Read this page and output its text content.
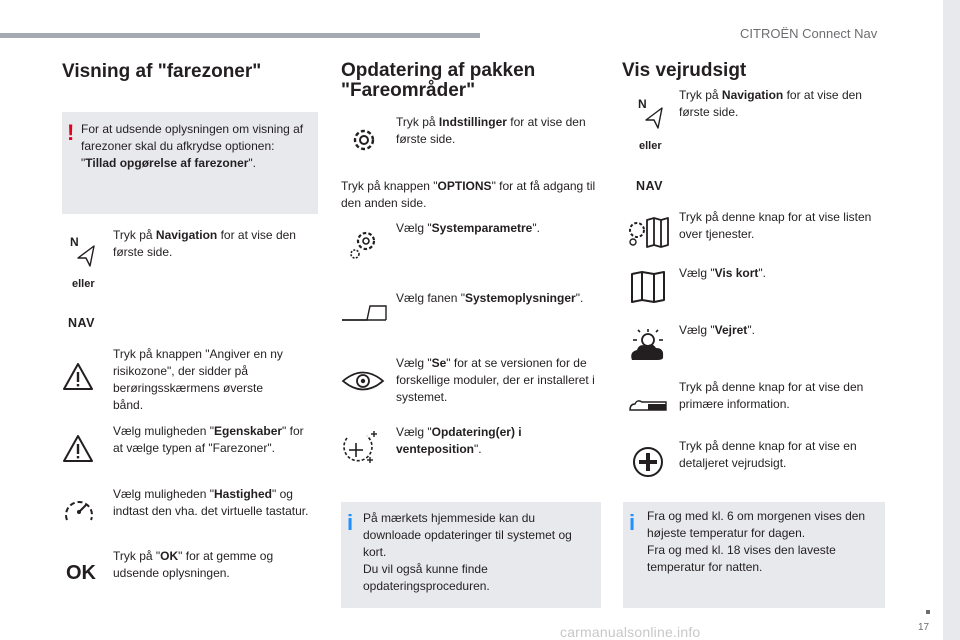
CITROËN Connect Nav
17
carmanualsonline.info
Visning af "farezoner"
! For at udsende oplysningen om visning af farezoner skal du afkrydse optionen: "Tillad opgørelse af farezoner".
N	Tryk på Navigation for at vise den første side.
eller
NAV
Tryk på knappen "Angiver en ny risikozone", der sidder på berøringsskærmens øverste bånd.
Vælg muligheden "Egenskaber" for at vælge typen af "Farezoner".
Vælg muligheden "Hastighed" og indtast den vha. det virtuelle tastatur.
OK
Tryk på "OK" for at gemme og udsende oplysningen.
Opdatering af pakken
"Fareområder"
Tryk på Indstillinger for at vise den første side.
Tryk på knappen "OPTIONS" for at få adgang til den anden side.
Vælg "Systemparametre".
Vælg fanen "Systemoplysninger".
Vælg "Se" for at se versionen for de forskellige moduler, der er installeret i systemet.
Vælg "Opdatering(er) i venteposition".
i På mærkets hjemmeside kan du downloade opdateringer til systemet og kort.
Du vil også kunne finde opdateringsproceduren.
Vis vejrudsigt
N
Tryk på Navigation for at vise den første side.
eller
NAV
Tryk på denne knap for at vise listen over tjenester.
Vælg "Vis kort".
Vælg "Vejret".
Tryk på denne knap for at vise den primære information.
Tryk på denne knap for at vise en detaljeret vejrudsigt.
i Fra og med kl. 6 om morgenen vises den højeste temperatur for dagen.
Fra og med kl. 18 vises den laveste temperatur for natten.
